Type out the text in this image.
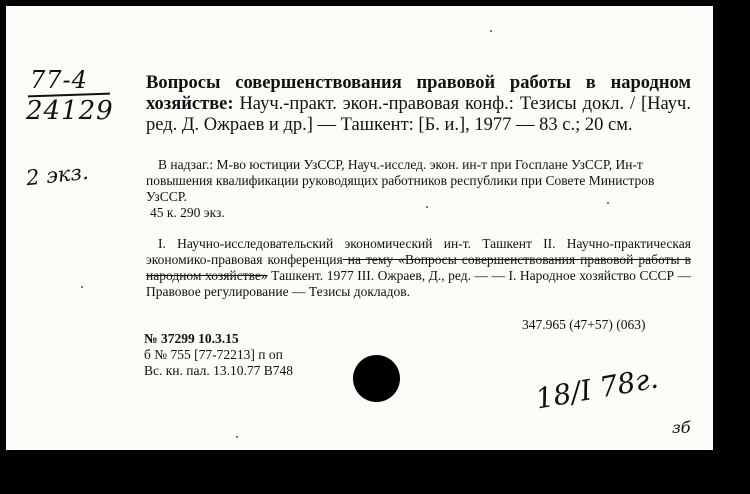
77-4
24129
2 экз.
Вопросы совершенствования правовой работы в народном хозяйстве: Науч.-практ. экон.-правовая конф.: Тезисы докл. / [Науч. ред. Д. Ожраев и др.] — Ташкент: [Б. и.], 1977 — 83 с.; 20 см.
В надзаг.: М-во юстиции УзССР, Науч.-исслед. экон. ин-т при Госплане УзССР, Ин-т повышения квалификации руководящих работников республики при Совете Министров УзССР.
45 к. 290 экз.
I. Научно-исследовательский экономический ин-т. Ташкент II. Научно-практическая экономико-правовая конференция на тему «Вопросы совершенствования правовой работы в народном хозяйстве» Ташкент. 1977 III. Ожраев, Д., ред. — — I. Народное хозяйство СССР — Правовое регулирование — Тезисы докладов.
347.965 (47+57) (063)
№ 37299 10.3.15
б № 755 [77-72213] п оп
Вс. кн. пал. 13.10.77 В748	18/I 78г.
зб
